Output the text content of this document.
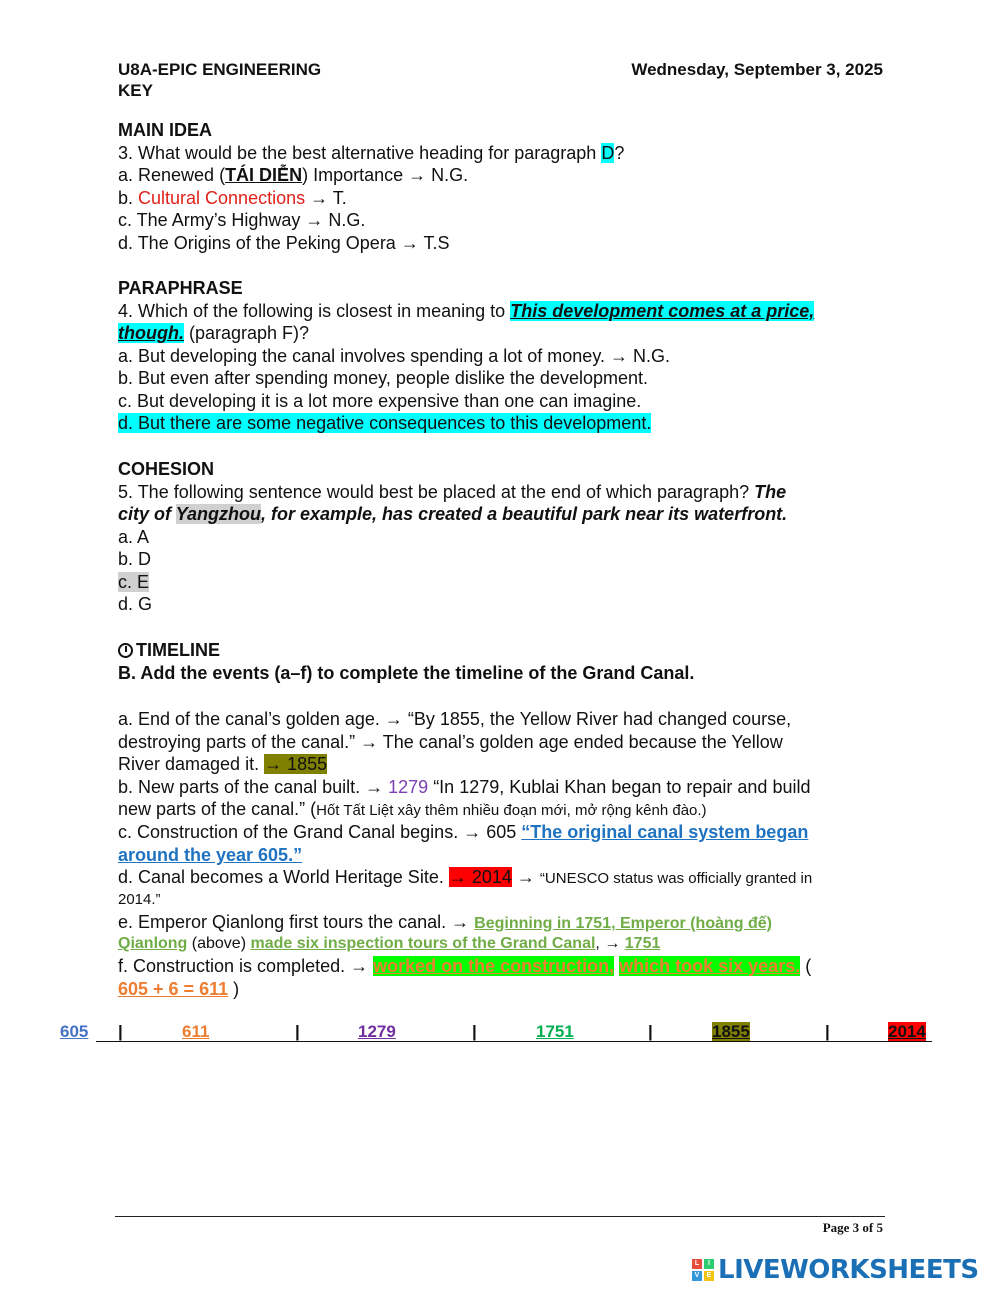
U8A-EPIC ENGINEERING
KEY
Wednesday, September 3, 2025
MAIN IDEA
3. What would be the best alternative heading for paragraph D?
a. Renewed (TÁI DIỄN) Importance → N.G.
b. Cultural Connections → T.
c. The Army’s Highway → N.G.
d. The Origins of the Peking Opera → T.S
PARAPHRASE
4. Which of the following is closest in meaning to This development comes at a price,
though. (paragraph F)?
a. But developing the canal involves spending a lot of money. → N.G.
b. But even after spending money, people dislike the development.
c. But developing it is a lot more expensive than one can imagine.
d. But there are some negative consequences to this development.
COHESION
5. The following sentence would best be placed at the end of which paragraph? The
city of Yangzhou, for example, has created a beautiful park near its waterfront.
a. A
b. D
c. E
d. G
TIMELINE
B. Add the events (a–f) to complete the timeline of the Grand Canal.
a. End of the canal’s golden age. → “By 1855, the Yellow River had changed course,
destroying parts of the canal.” → The canal’s golden age ended because the Yellow
River damaged it. → 1855
b. New parts of the canal built. → 1279 “In 1279, Kublai Khan began to repair and build
new parts of the canal.” (Hốt Tất Liệt xây thêm nhiều đoạn mới, mở rộng kênh đào.)
c. Construction of the Grand Canal begins. → 605 “The original canal system began
around the year 605.”
d. Canal becomes a World Heritage Site. → 2014 → “UNESCO status was officially granted in
2014.”
e. Emperor Qianlong first tours the canal. → Beginning in 1751, Emperor (hoàng đế)
Qianlong (above) made six inspection tours of the Grand Canal, → 1751
f. Construction is completed. → worked on the construction, which took six years. (
605 + 6 = 611 )
605 |	611	|	1279	|	1751	|	1855	|	2014
Page 3 of 5
L	I
V	E LIVEWORKSHEETS
